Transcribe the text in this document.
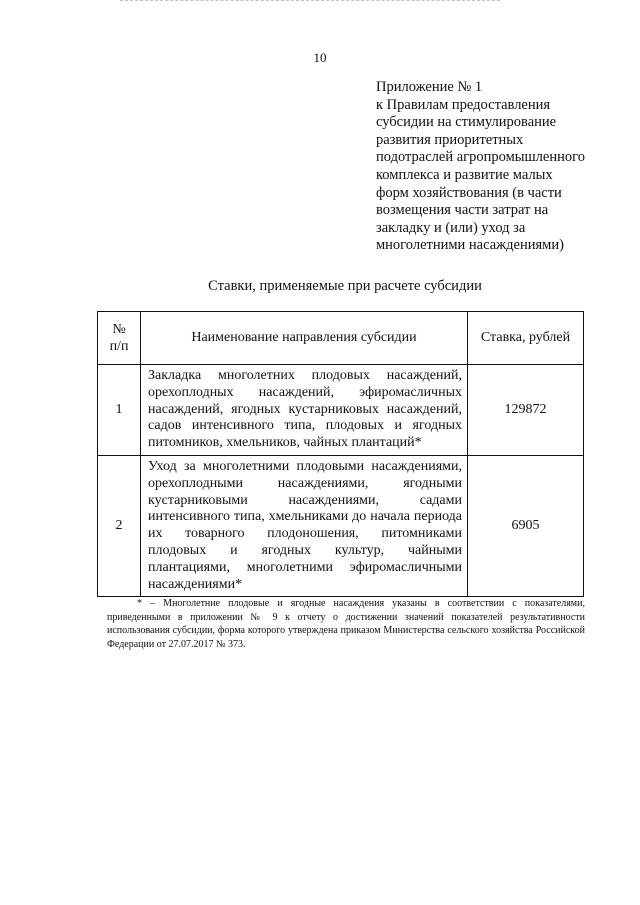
10
Приложение № 1
к Правилам предоставления
субсидии на стимулирование
развития приоритетных
подотраслей агропромышленного
комплекса и развитие малых
форм хозяйствования (в части
возмещения части затрат на
закладку и (или) уход за
многолетними насаждениями)
Ставки, применяемые при расчете субсидии
№
п/п	Наименование направления субсидии	Ставка, рублей
1	Закладка многолетних плодовых насаждений, орехоплодных насаждений, эфиромасличных насаждений, ягодных кустарниковых насаждений, садов интенсивного типа, плодовых и ягодных питомников, хмельников, чайных плантаций*	129872
2	Уход за многолетними плодовыми насаждениями, орехоплодными насаждениями, ягодными кустарниковыми насаждениями, садами интенсивного типа, хмельниками до начала периода их товарного плодоношения, питомниками плодовых и ягодных культур, чайными плантациями, многолетними эфиромасличными насаждениями*	6905
* – Многолетние плодовые и ягодные насаждения указаны в соответствии с показателями, приведенными в приложении № 9 к отчету о достижении значений показателей результативности использования субсидии, форма которого утверждена приказом Министерства сельского хозяйства Российской Федерации от 27.07.2017 № 373.
